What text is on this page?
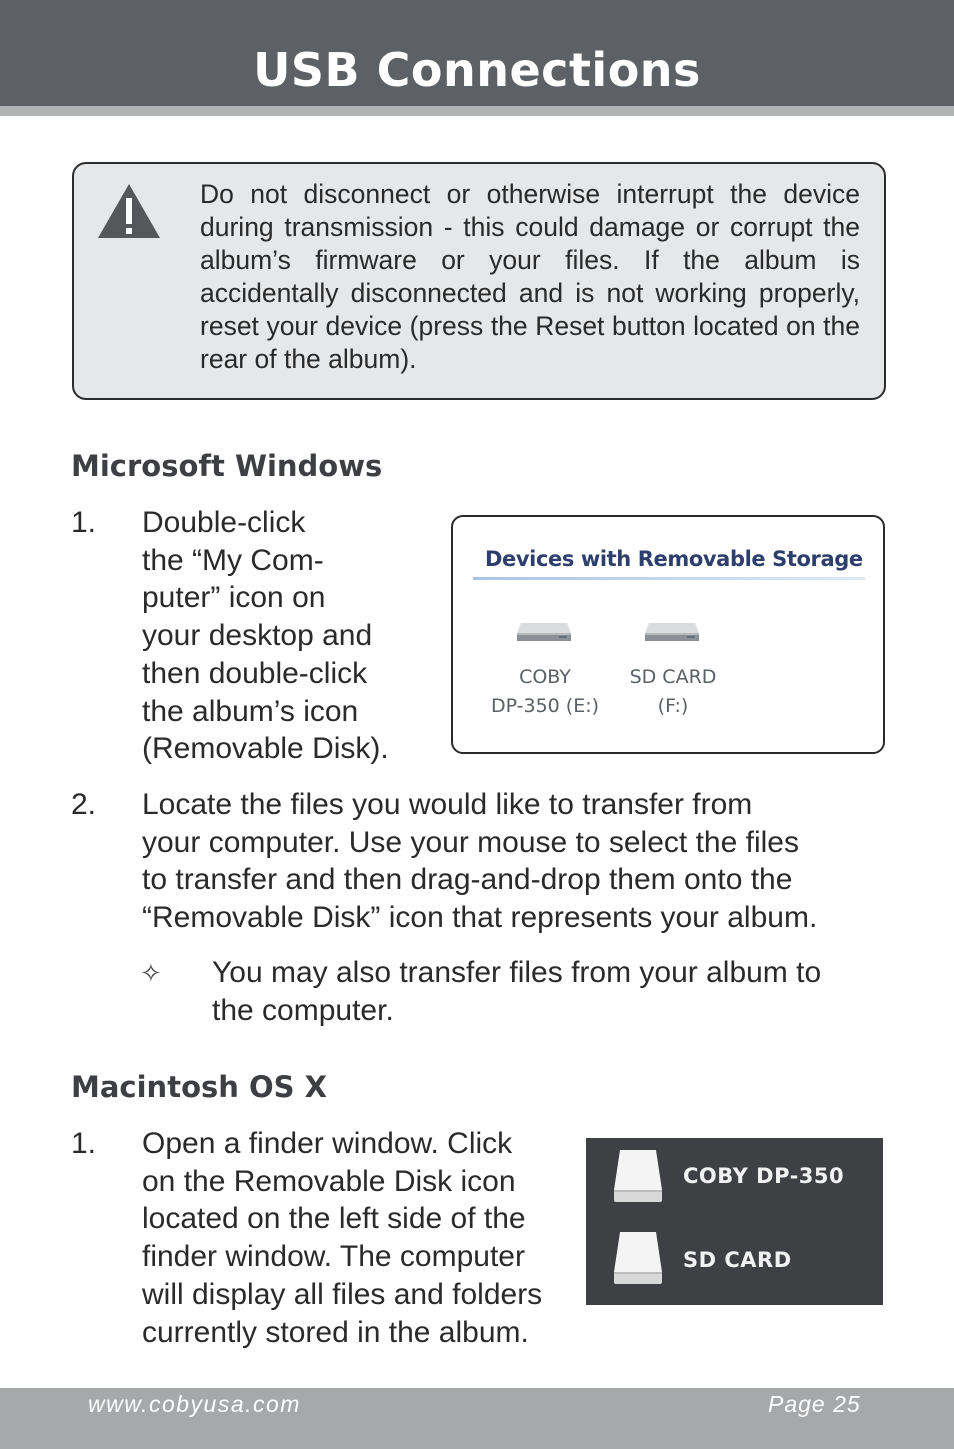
USB Connections
Do not disconnect or otherwise interrupt the device during transmission - this could damage or corrupt the album’s firmware or your files. If the album is accidentally disconnected and is not working properly, reset your device (press the Reset button located on the rear of the album).
Microsoft Windows
1. Double-click
the “My Com-
puter” icon on
your desktop and
then double-click
the album’s icon
(Removable Disk).
Devices with Removable Storage
COBY
DP-350 (E:)
SD CARD
(F:)
2. Locate the files you would like to transfer from
your computer. Use your mouse to select the files
to transfer and then drag-and-drop them onto the
“Removable Disk” icon that represents your album.
✧ You may also transfer files from your album to
the computer.
Macintosh OS X
1. Open a finder window. Click
on the Removable Disk icon
located on the left side of the
finder window. The computer
will display all files and folders
currently stored in the album.
COBY DP-350
SD CARD
www.cobyusa.com	Page 25
